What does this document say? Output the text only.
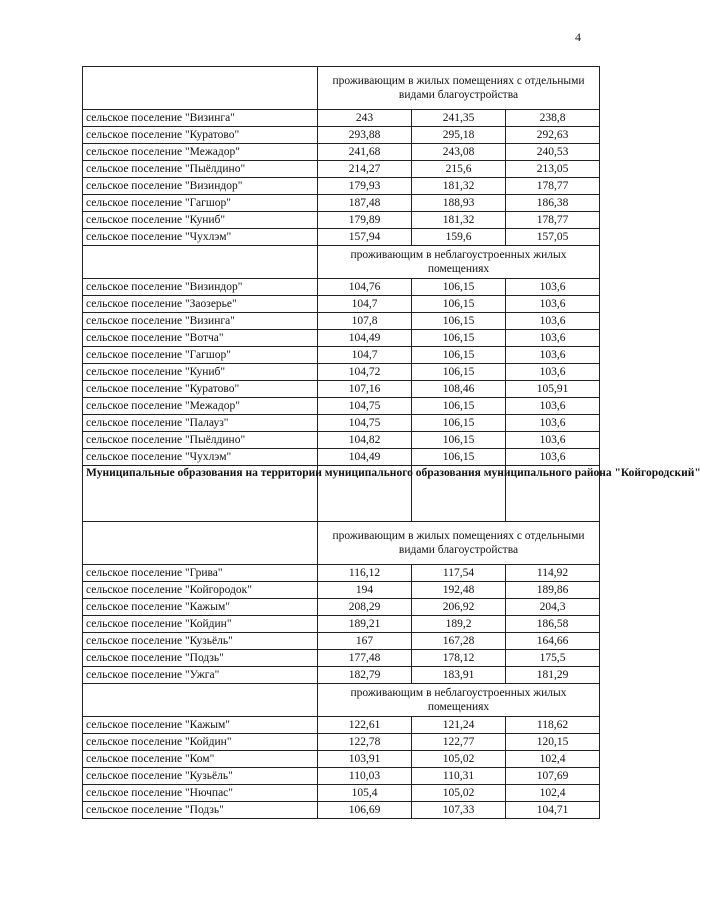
4
	проживающим в жилых помещениях с отдельными видами благоустройства		
сельское поселение "Визинга"	243	241,35	238,8
сельское поселение "Куратово"	293,88	295,18	292,63
сельское поселение "Межадор"	241,68	243,08	240,53
сельское поселение "Пыёлдино"	214,27	215,6	213,05
сельское поселение "Визиндор"	179,93	181,32	178,77
сельское поселение "Гагшор"	187,48	188,93	186,38
сельское поселение "Куниб"	179,89	181,32	178,77
сельское поселение "Чухлэм"	157,94	159,6	157,05
	проживающим в неблагоустроенных жилых помещениях		
сельское поселение "Визиндор"	104,76	106,15	103,6
сельское поселение "Заозерье"	104,7	106,15	103,6
сельское поселение "Визинга"	107,8	106,15	103,6
сельское поселение "Вотча"	104,49	106,15	103,6
сельское поселение "Гагшор"	104,7	106,15	103,6
сельское поселение "Куниб"	104,72	106,15	103,6
сельское поселение "Куратово"	107,16	108,46	105,91
сельское поселение "Межадор"	104,75	106,15	103,6
сельское поселение "Палауз"	104,75	106,15	103,6
сельское поселение "Пыёлдино"	104,82	106,15	103,6
сельское поселение "Чухлэм"	104,49	106,15	103,6
Муниципальные образования на территории муниципального образования муниципального района "Койгородский"			
	проживающим в жилых помещениях с отдельными видами благоустройства		
сельское поселение "Грива"	116,12	117,54	114,92
сельское поселение "Койгородок"	194	192,48	189,86
сельское поселение "Кажым"	208,29	206,92	204,3
сельское поселение "Койдин"	189,21	189,2	186,58
сельское поселение "Кузьёль"	167	167,28	164,66
сельское поселение "Подзь"	177,48	178,12	175,5
сельское поселение "Ужга"	182,79	183,91	181,29
	проживающим в неблагоустроенных жилых помещениях		
сельское поселение "Кажым"	122,61	121,24	118,62
сельское поселение "Койдин"	122,78	122,77	120,15
сельское поселение "Ком"	103,91	105,02	102,4
сельское поселение "Кузьёль"	110,03	110,31	107,69
сельское поселение "Нючпас"	105,4	105,02	102,4
сельское поселение "Подзь"	106,69	107,33	104,71
